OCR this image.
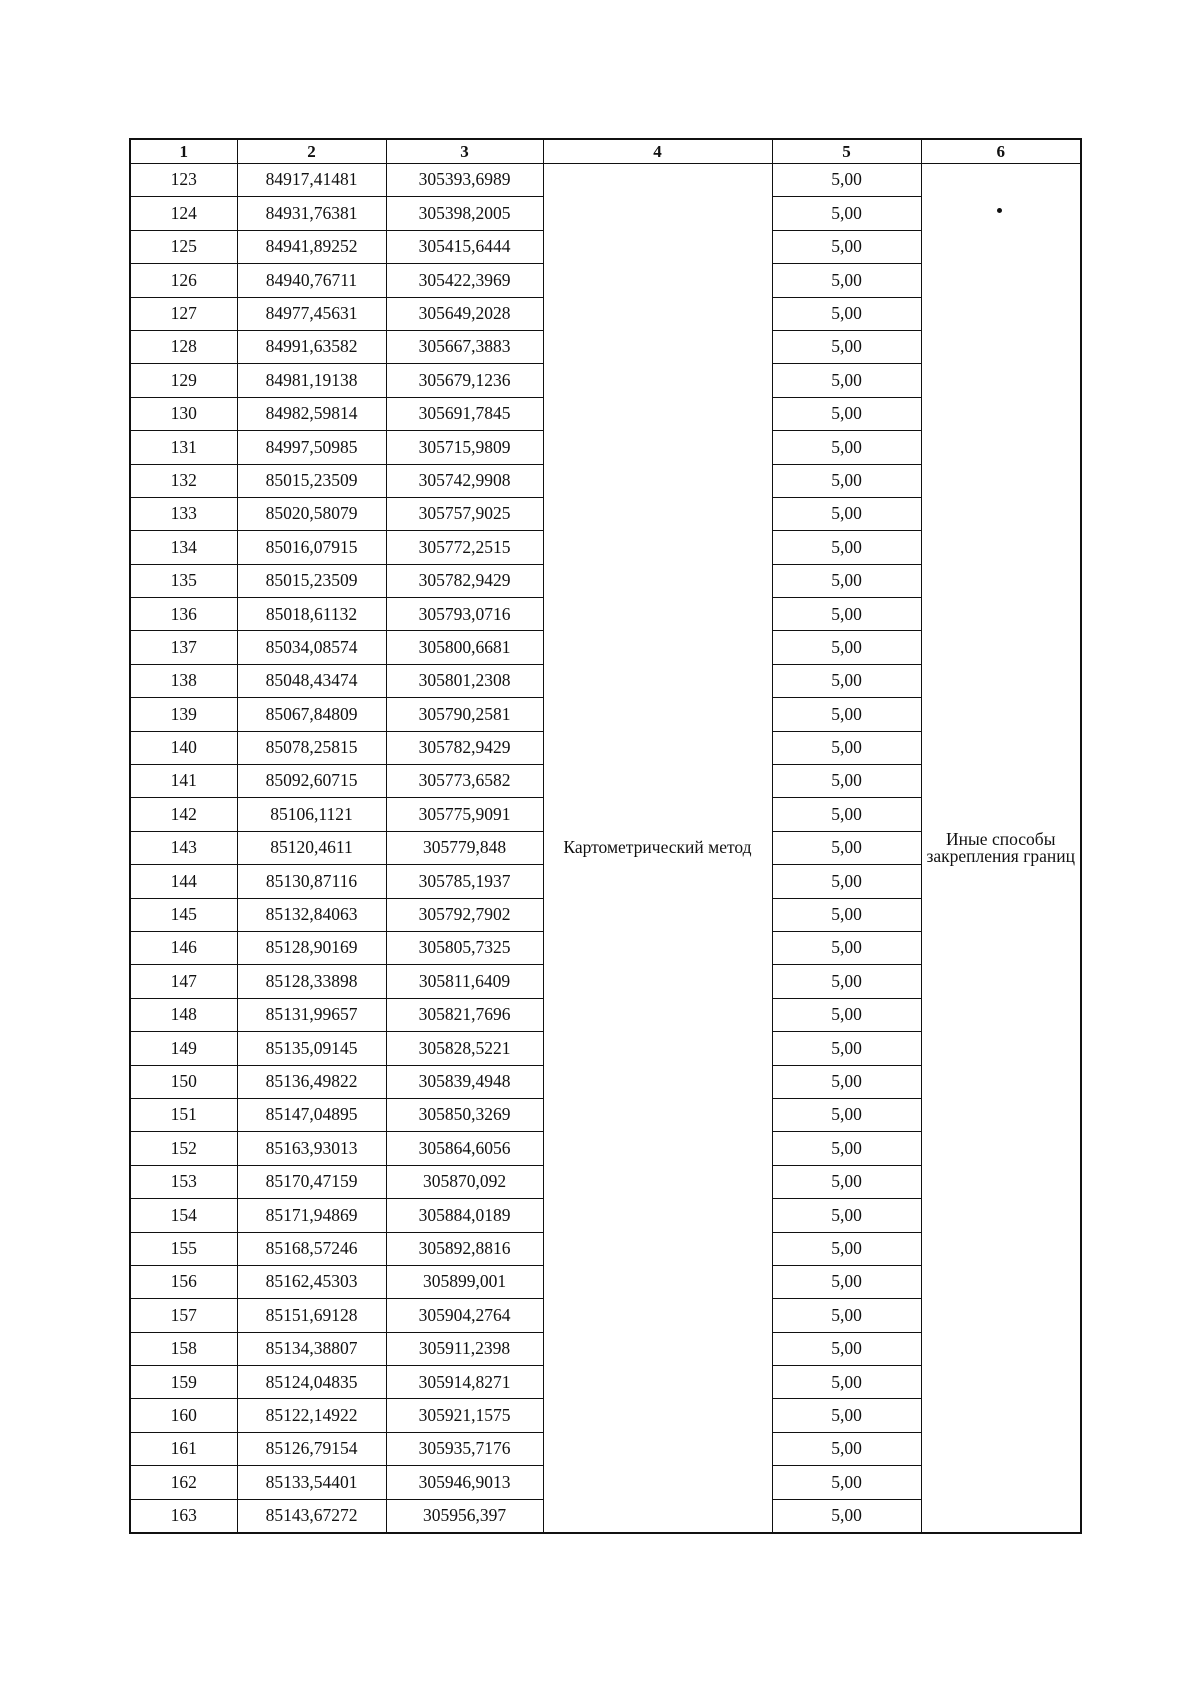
1	2	3	4	5	6
123	84917,41481	305393,6989	Картометрический метод	5,00	Иные способы закрепления границ

124	84931,76381	305398,2005		5,00	
125	84941,89252	305415,6444		5,00	
126	84940,76711	305422,3969		5,00	
127	84977,45631	305649,2028		5,00	
128	84991,63582	305667,3883		5,00	
129	84981,19138	305679,1236		5,00	
130	84982,59814	305691,7845		5,00	
131	84997,50985	305715,9809		5,00	
132	85015,23509	305742,9908		5,00	
133	85020,58079	305757,9025		5,00	
134	85016,07915	305772,2515		5,00	
135	85015,23509	305782,9429		5,00	
136	85018,61132	305793,0716		5,00	
137	85034,08574	305800,6681		5,00	
138	85048,43474	305801,2308		5,00	
139	85067,84809	305790,2581		5,00	
140	85078,25815	305782,9429		5,00	
141	85092,60715	305773,6582		5,00	
142	85106,1121	305775,9091		5,00	
143	85120,4611	305779,848		5,00	
144	85130,87116	305785,1937		5,00	
145	85132,84063	305792,7902		5,00	
146	85128,90169	305805,7325		5,00	
147	85128,33898	305811,6409		5,00	
148	85131,99657	305821,7696		5,00	
149	85135,09145	305828,5221		5,00	
150	85136,49822	305839,4948		5,00	
151	85147,04895	305850,3269		5,00	
152	85163,93013	305864,6056		5,00	
153	85170,47159	305870,092		5,00	
154	85171,94869	305884,0189		5,00	
155	85168,57246	305892,8816		5,00	
156	85162,45303	305899,001		5,00	
157	85151,69128	305904,2764		5,00	
158	85134,38807	305911,2398		5,00	
159	85124,04835	305914,8271		5,00	
160	85122,14922	305921,1575		5,00	
161	85126,79154	305935,7176		5,00	
162	85133,54401	305946,9013		5,00	
163	85143,67272	305956,397		5,00	
